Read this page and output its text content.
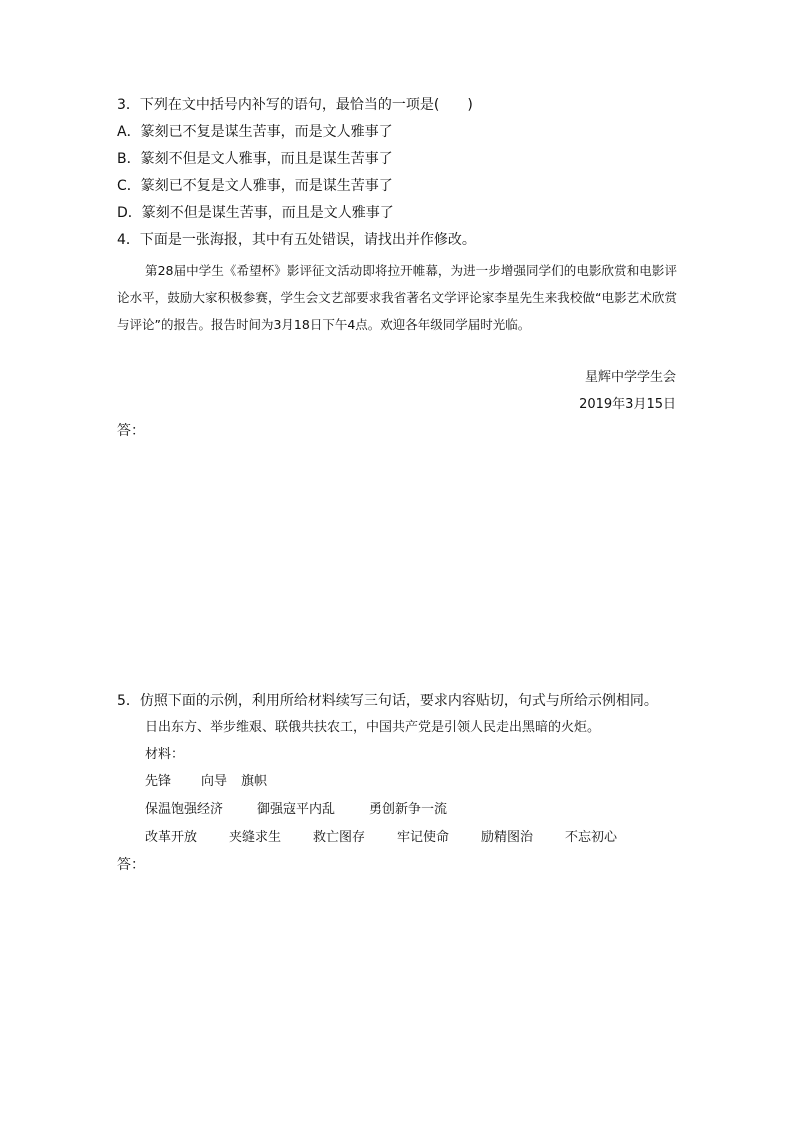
3．下列在文中括号内补写的语句，最恰当的一项是(　　)
A．篆刻已不复是谋生苦事，而是文人雅事了
B．篆刻不但是文人雅事，而且是谋生苦事了
C．篆刻已不复是文人雅事，而是谋生苦事了
D．篆刻不但是谋生苦事，而且是文人雅事了
4．下面是一张海报，其中有五处错误，请找出并作修改。
第28届中学生《希望杯》影评征文活动即将拉开帷幕，为进一步增强同学们的电影欣赏和电影评论水平，鼓励大家积极参赛，学生会文艺部要求我省著名文学评论家李星先生来我校做“电影艺术欣赏与评论”的报告。报告时间为3月18日下午4点。欢迎各年级同学届时光临。
星辉中学学生会
2019年3月15日
答：
5．仿照下面的示例，利用所给材料续写三句话，要求内容贴切，句式与所给示例相同。
日出东方、举步维艰、联俄共扶农工，中国共产党是引领人民走出黑暗的火炬。
材料：
先锋	向导	旗帜
保温饱强经济	御强寇平内乱	勇创新争一流
改革开放	夹缝求生	救亡图存	牢记使命	励精图治	不忘初心
答：
